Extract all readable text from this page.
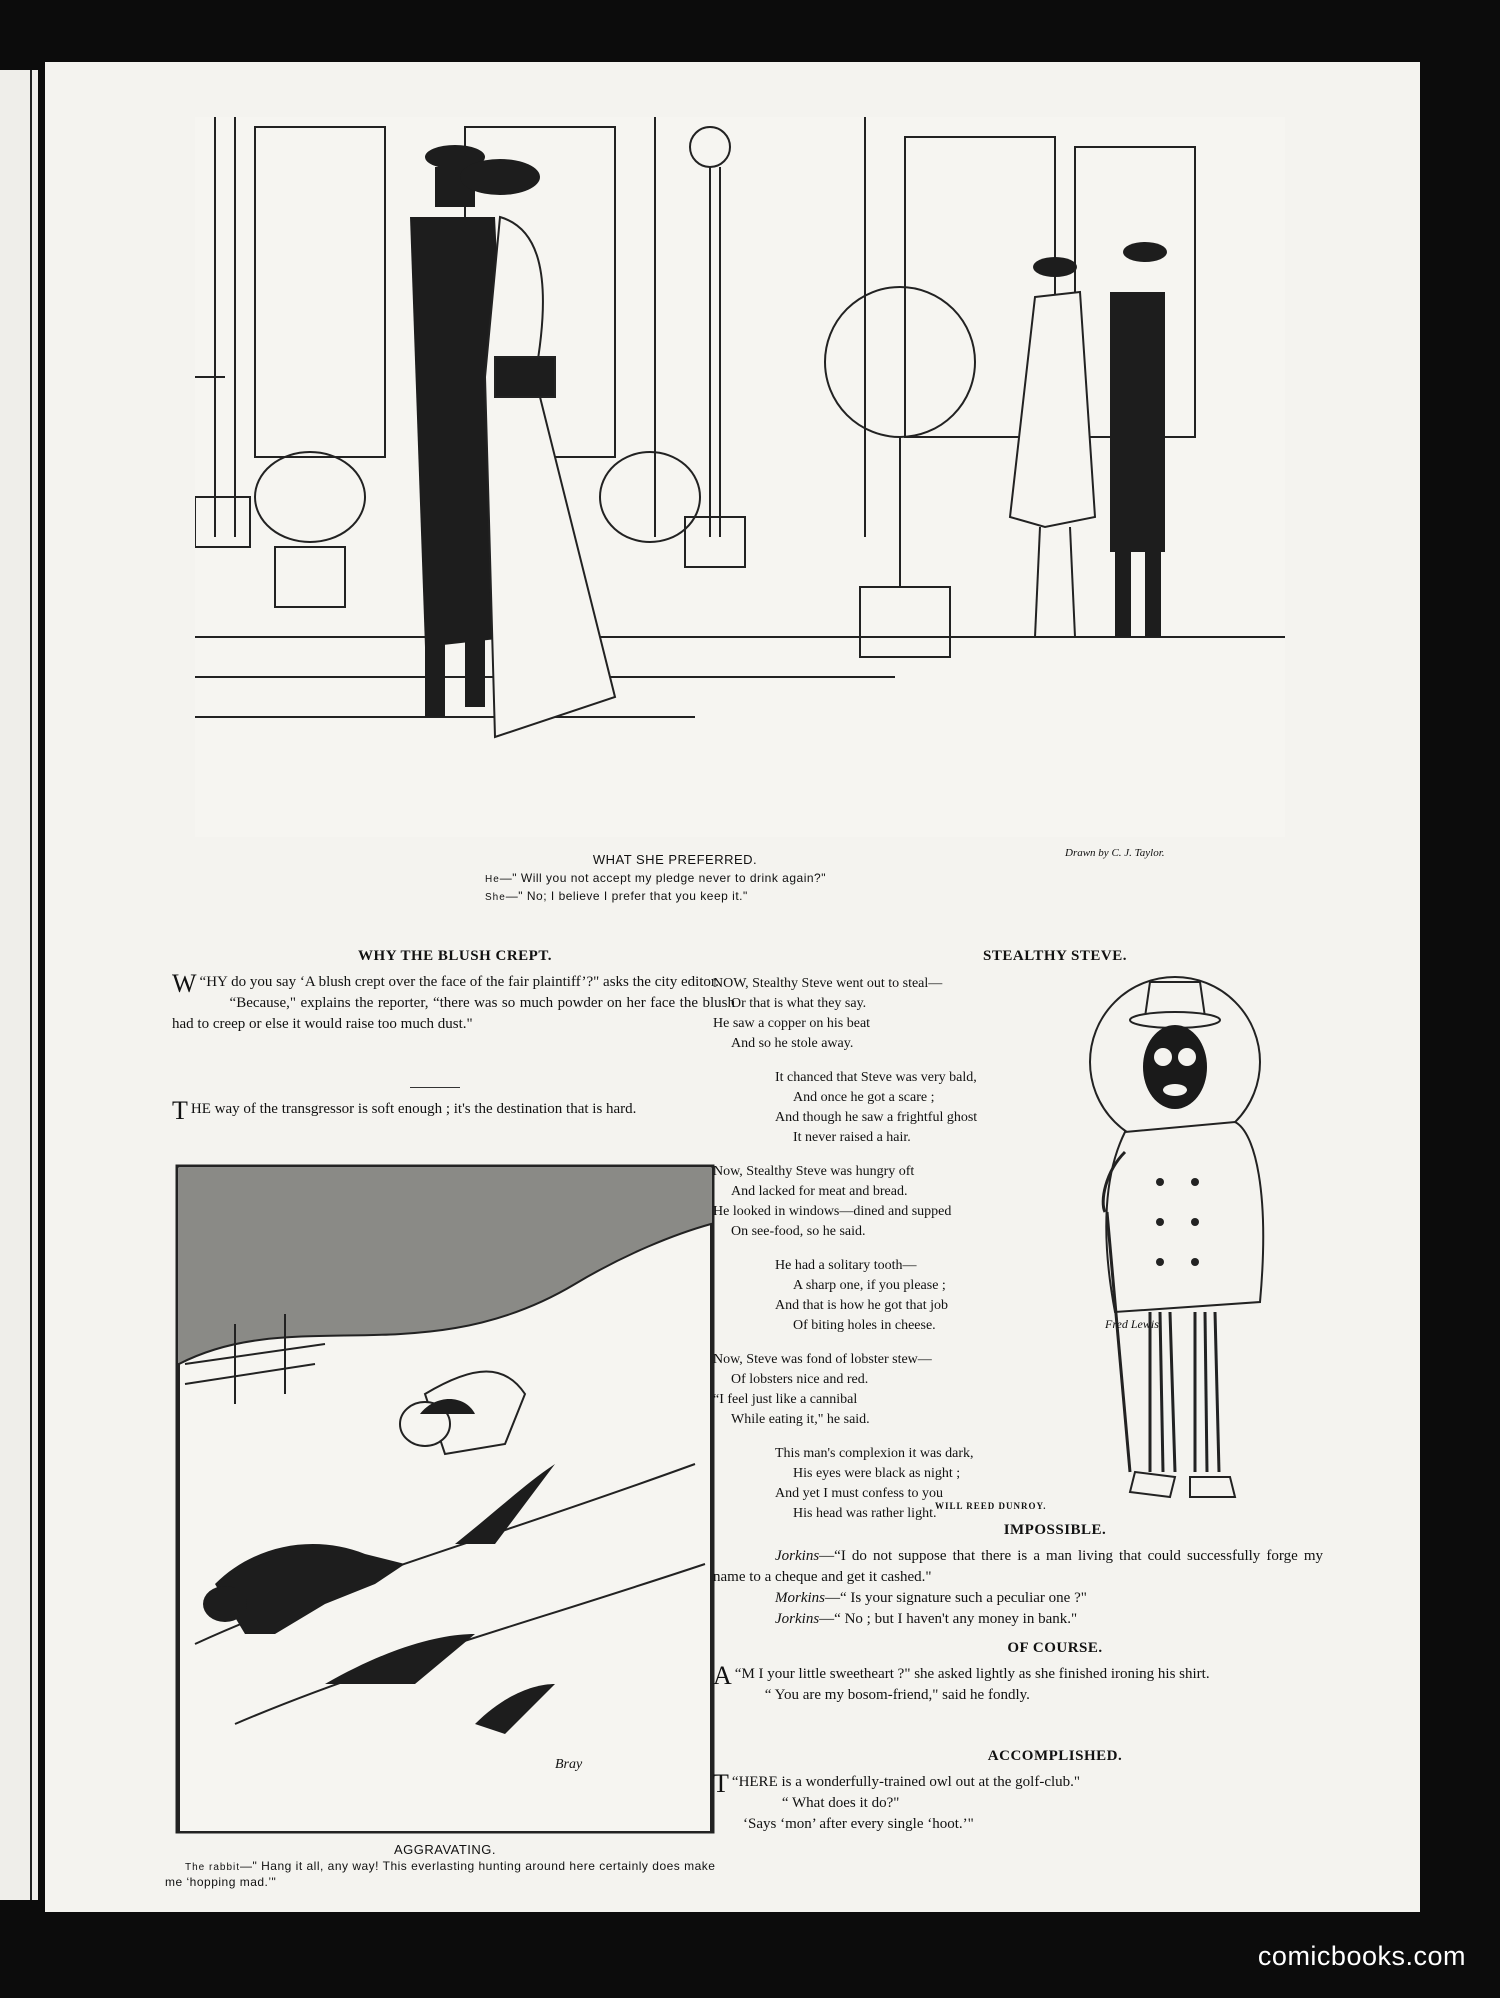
WHAT SHE PREFERRED.	Drawn by C. J. Taylor.
He—" Will you not accept my pledge never to drink again?"
She—" No; I believe I prefer that you keep it."
WHY THE BLUSH CREPT.

“
W HY do you say ‘A blush crept over the face of the fair plaintiff’?" asks the city editor.

“Because," explains the reporter, “there was so much powder on her face the blush had to creep or else it would raise too much dust."

THE way of the transgressor is soft enough ; it's the destination that is hard.

Bray
AGGRAVATING.
The rabbit—" Hang it all, any way! This everlasting hunting around here certainly does make me ‘hopping mad.’"
STEALTHY STEVE.
NOW, Stealthy Steve went out to steal—
Or that is what they say.
He saw a copper on his beat
And so he stole away.
It chanced that Steve was very bald,
And once he got a scare ;
And though he saw a frightful ghost
It never raised a hair.
Now, Stealthy Steve was hungry oft
And lacked for meat and bread.
He looked in windows—dined and supped
On see-food, so he said.
He had a solitary tooth—
A sharp one, if you please ;
And that is how he got that job
Of biting holes in cheese.
Now, Steve was fond of lobster stew—
Of lobsters nice and red.
“I feel just like a cannibal
While eating it," he said.
This man's complexion it was dark,
His eyes were black as night ;
And yet I must confess to you
His head was rather light.
WILL REED DUNROY.
Fred Lewis
IMPOSSIBLE.

Jorkins—“I do not suppose that there is a man living that could successfully forge my name to a cheque and get it cashed."

Morkins—“ Is your signature such a peculiar one ?"

Jorkins—“ No ; but I haven't any money in bank."

OF COURSE.

“
A M I your little sweetheart ?" she asked lightly as she finished ironing his shirt.

“ You are my bosom-friend," said he fondly.

ACCOMPLISHED.

“
T HERE is a wonderfully-trained owl out at the golf-club."

“ What does it do?"

‘Says ‘mon’ after every single ‘hoot.’"

comicbooks.com
